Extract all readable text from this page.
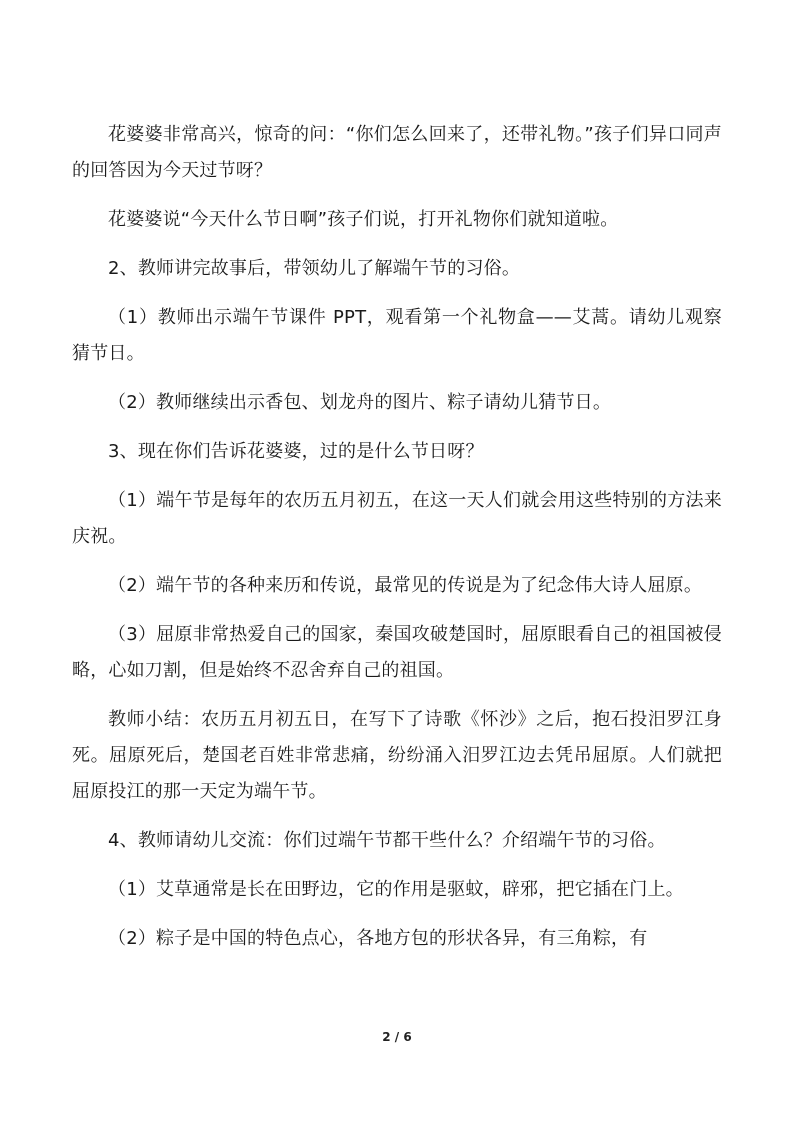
花婆婆非常高兴，惊奇的问：“你们怎么回来了，还带礼物。”孩子们异口同声的回答因为今天过节呀？

花婆婆说“今天什么节日啊”孩子们说，打开礼物你们就知道啦。

2、教师讲完故事后，带领幼儿了解端午节的习俗。

（1）教师出示端午节课件 PPT，观看第一个礼物盒——艾蒿。请幼儿观察猜节日。

（2）教师继续出示香包、划龙舟的图片、粽子请幼儿猜节日。

3、现在你们告诉花婆婆，过的是什么节日呀？

（1）端午节是每年的农历五月初五，在这一天人们就会用这些特别的方法来庆祝。

（2）端午节的各种来历和传说，最常见的传说是为了纪念伟大诗人屈原。

（3）屈原非常热爱自己的国家，秦国攻破楚国时，屈原眼看自己的祖国被侵略，心如刀割，但是始终不忍舍弃自己的祖国。

教师小结：农历五月初五日，在写下了诗歌《怀沙》之后，抱石投汨罗江身死。屈原死后，楚国老百姓非常悲痛，纷纷涌入汨罗江边去凭吊屈原。人们就把屈原投江的那一天定为端午节。

4、教师请幼儿交流：你们过端午节都干些什么？介绍端午节的习俗。

（1）艾草通常是长在田野边，它的作用是驱蚊，辟邪，把它插在门上。

（2）粽子是中国的特色点心，各地方包的形状各异，有三角粽，有

2 / 6
